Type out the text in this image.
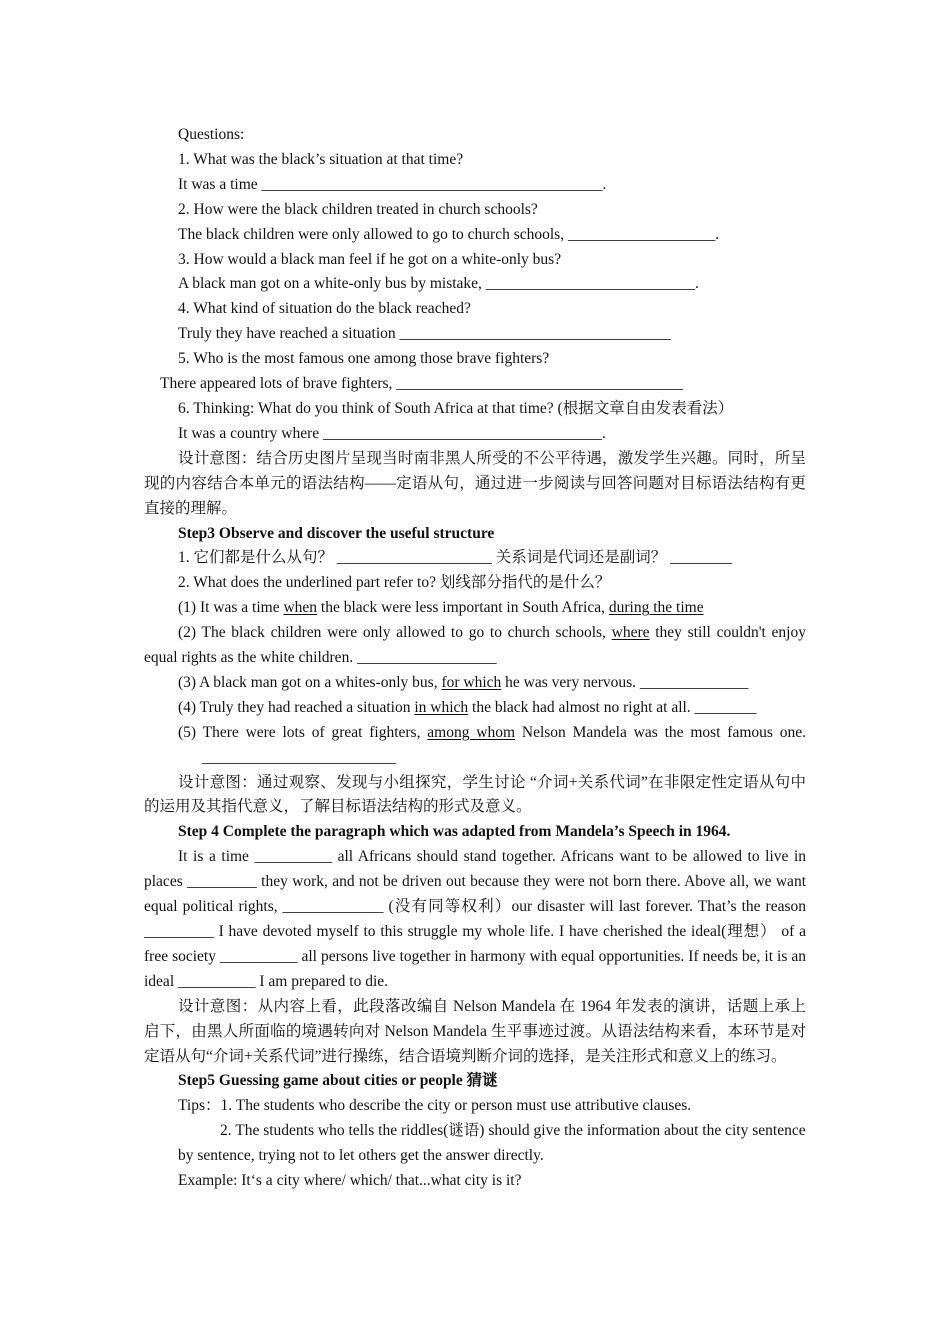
Questions:

1. What was the black’s situation at that time?

It was a time ____________________________________________.

2. How were the black children treated in church schools?

The black children were only allowed to go to church schools, ___________________.

3. How would a black man feel if he got on a white-only bus?

A black man got on a white-only bus by mistake, ___________________________.

4. What kind of situation do the black reached?

Truly they have reached a situation ___________________________________

5. Who is the most famous one among those brave fighters?

There appeared lots of brave fighters, _____________________________________

6. Thinking: What do you think of South Africa at that time? (根据文章自由发表看法）

It was a country where ____________________________________.

设计意图：结合历史图片呈现当时南非黑人所受的不公平待遇，激发学生兴趣。同时，所呈现的内容结合本单元的语法结构——定语从句，通过进一步阅读与回答问题对目标语法结构有更直接的理解。

Step3 Observe and discover the useful structure

1. 它们都是什么从句？ ____________________ 关系词是代词还是副词？ ________

2. What does the underlined part refer to? 划线部分指代的是什么？

(1) It was a time when the black were less important in South Africa, during the time

(2) The black children were only allowed to go to church schools, where they still couldn't enjoy equal rights as the white children. __________________

(3) A black man got on a whites-only bus, for which he was very nervous. ______________

(4) Truly they had reached a situation in which the black had almost no right at all. ________

(5) There were lots of great fighters, among whom Nelson Mandela was the most famous one. _________________________

设计意图：通过观察、发现与小组探究，学生讨论 “介词+关系代词”在非限定性定语从句中的运用及其指代意义，了解目标语法结构的形式及意义。

Step 4 Complete the paragraph which was adapted from Mandela’s Speech in 1964.

It is a time __________ all Africans should stand together. Africans want to be allowed to live in places _________ they work, and not be driven out because they were not born there. Above all, we want equal political rights, _____________ (没有同等权利）our disaster will last forever. That’s the reason _________ I have devoted myself to this struggle my whole life. I have cherished the ideal(理想） of a free society __________ all persons live together in harmony with equal opportunities. If needs be, it is an ideal __________ I am prepared to die.

设计意图：从内容上看，此段落改编自 Nelson Mandela 在 1964 年发表的演讲，话题上承上启下，由黑人所面临的境遇转向对 Nelson Mandela 生平事迹过渡。从语法结构来看，本环节是对定语从句“介词+关系代词”进行操练，结合语境判断介词的选择，是关注形式和意义上的练习。

Step5 Guessing game about cities or people 猜谜

Tips：1. The students who describe the city or person must use attributive clauses.

2. The students who tells the riddles(谜语) should give the information about the city sentence by sentence, trying not to let others get the answer directly.

Example: It‘s a city where/ which/ that...what city is it?
